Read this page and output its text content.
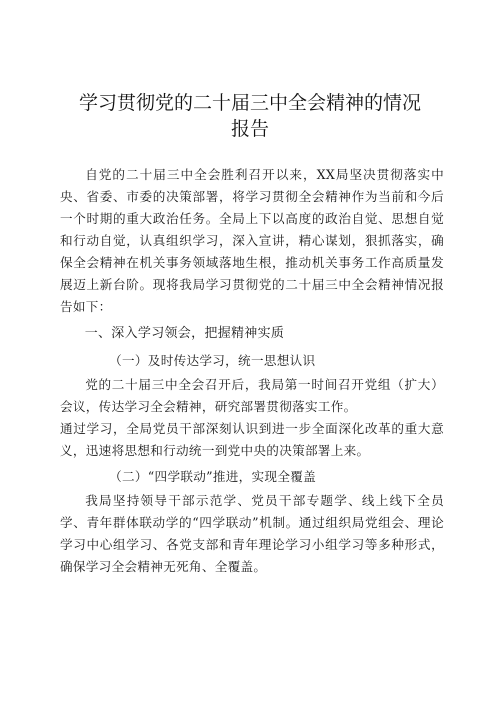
学习贯彻党的二十届三中全会精神的情况
报告

自党的二十届三中全会胜利召开以来，XX局坚决贯彻落实中央、省委、市委的决策部署，将学习贯彻全会精神作为当前和今后一个时期的重大政治任务。全局上下以高度的政治自觉、思想自觉和行动自觉，认真组织学习，深入宣讲，精心谋划，狠抓落实，确保全会精神在机关事务领域落地生根，推动机关事务工作高质量发展迈上新台阶。现将我局学习贯彻党的二十届三中全会精神情况报告如下：

一、深入学习领会，把握精神实质
（一）及时传达学习，统一思想认识

党的二十届三中全会召开后，我局第一时间召开党组（扩大）会议，传达学习全会精神，研究部署贯彻落实工作。

通过学习，全局党员干部深刻认识到进一步全面深化改革的重大意义，迅速将思想和行动统一到党中央的决策部署上来。

（二）“四学联动”推进，实现全覆盖

我局坚持领导干部示范学、党员干部专题学、线上线下全员学、青年群体联动学的“四学联动”机制。通过组织局党组会、理论学习中心组学习、各党支部和青年理论学习小组学习等多种形式，确保学习全会精神无死角、全覆盖。
